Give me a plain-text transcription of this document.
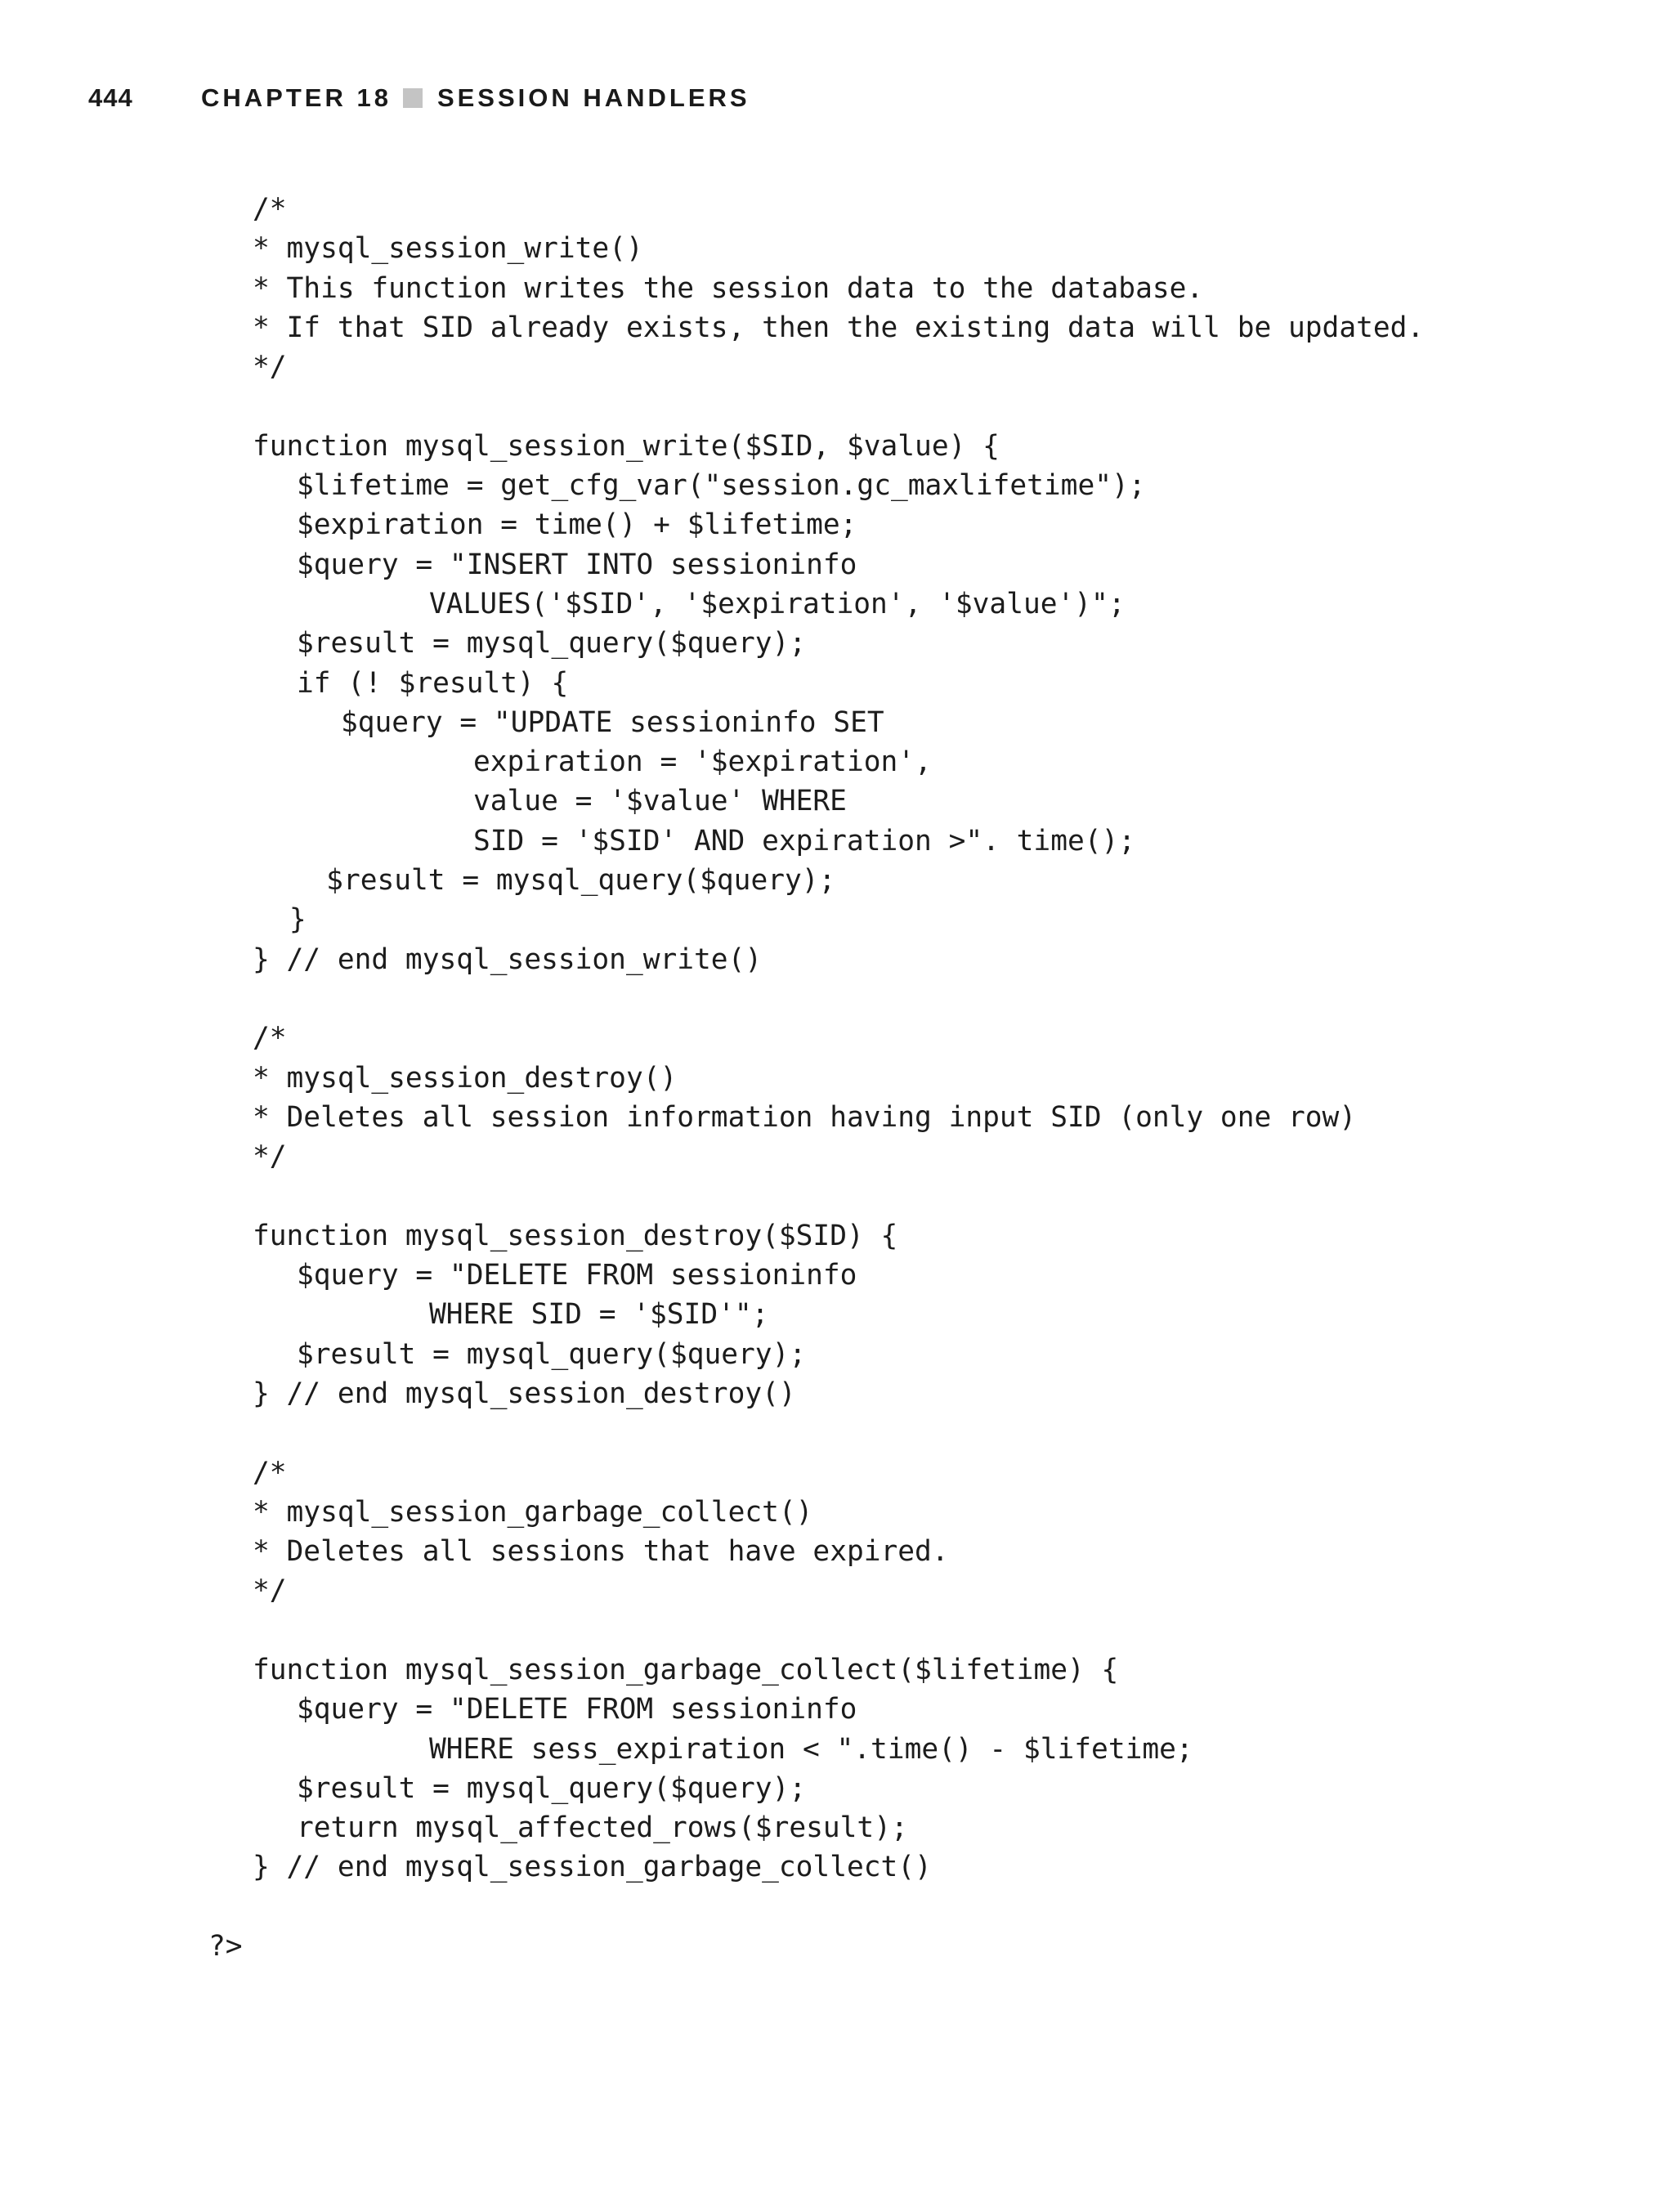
444	CHAPTER 18 SESSION HANDLERS
/*
* mysql_session_write()
* This function writes the session data to the database.
* If that SID already exists, then the existing data will be updated.
*/
function mysql_session_write($SID, $value) {
$lifetime = get_cfg_var("session.gc_maxlifetime");
$expiration = time() + $lifetime;
$query = "INSERT INTO sessioninfo
VALUES('$SID', '$expiration', '$value')";
$result = mysql_query($query);
if (! $result) {
$query = "UPDATE sessioninfo SET
expiration = '$expiration',
value = '$value' WHERE
SID = '$SID' AND expiration >". time();
$result = mysql_query($query);
}
} // end mysql_session_write()
/*
* mysql_session_destroy()
* Deletes all session information having input SID (only one row)
*/
function mysql_session_destroy($SID) {
$query = "DELETE FROM sessioninfo
WHERE SID = '$SID'";
$result = mysql_query($query);
} // end mysql_session_destroy()
/*
* mysql_session_garbage_collect()
* Deletes all sessions that have expired.
*/
function mysql_session_garbage_collect($lifetime) {
$query = "DELETE FROM sessioninfo
WHERE sess_expiration < ".time() - $lifetime;
$result = mysql_query($query);
return mysql_affected_rows($result);
} // end mysql_session_garbage_collect()
?>
